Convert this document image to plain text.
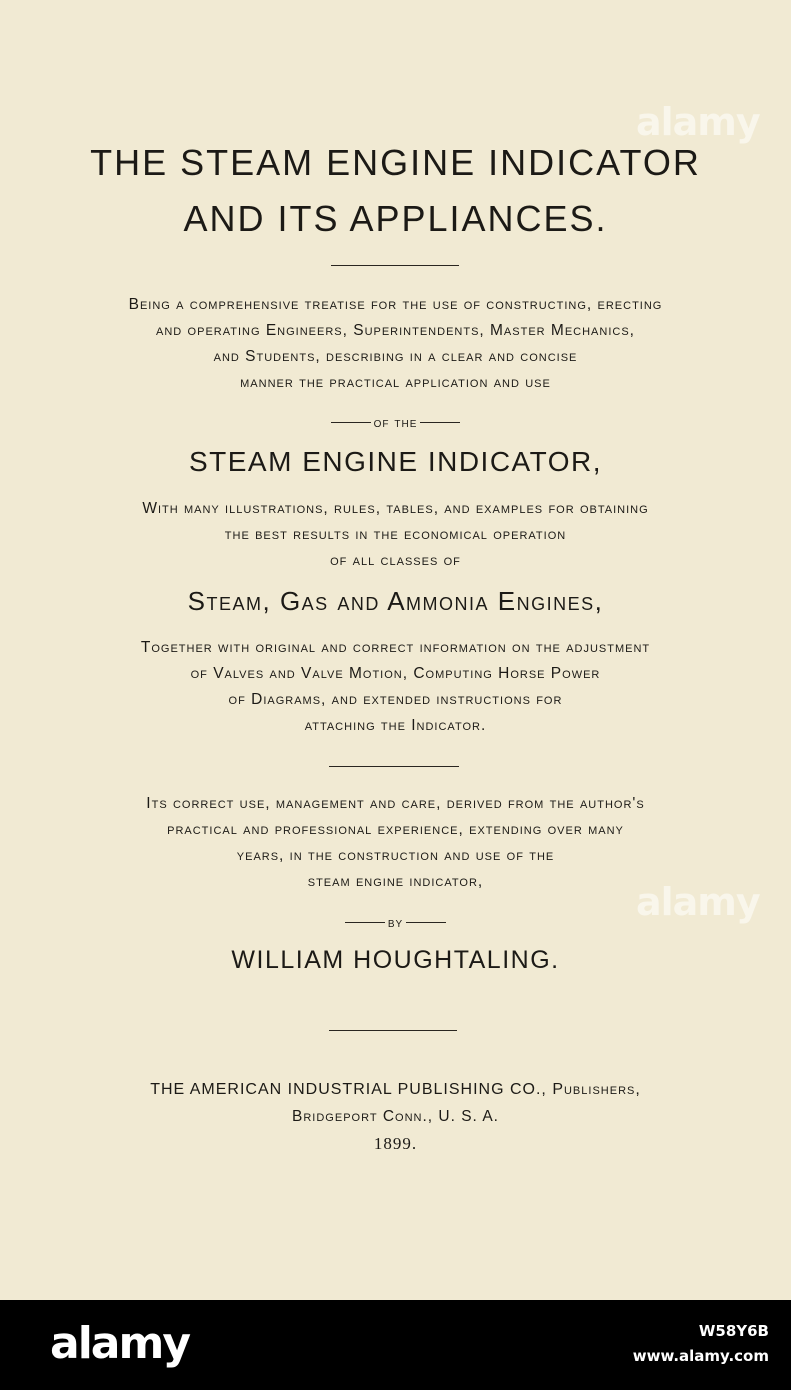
THE STEAM ENGINE INDICATOR
AND ITS APPLIANCES.
Being a comprehensive treatise for the use of constructing, erecting
and operating Engineers, Superintendents, Master Mechanics,
and Students, describing in a clear and concise
manner the practical application and use
of the
STEAM ENGINE INDICATOR,
With many illustrations, rules, tables, and examples for obtaining
the best results in the economical operation
of all classes of
Steam, Gas and Ammonia Engines,
Together with original and correct information on the adjustment
of Valves and Valve Motion, Computing Horse Power
of Diagrams, and extended instructions for
attaching the Indicator.
Its correct use, management and care, derived from the author's
practical and professional experience, extending over many
years, in the construction and use of the
steam engine indicator,
by
WILLIAM HOUGHTALING.
THE AMERICAN INDUSTRIAL PUBLISHING CO., Publishers,
Bridgeport Conn., U. S. A.
1899.
alamy
alamy
alamy	W58Y6B
www.alamy.com
